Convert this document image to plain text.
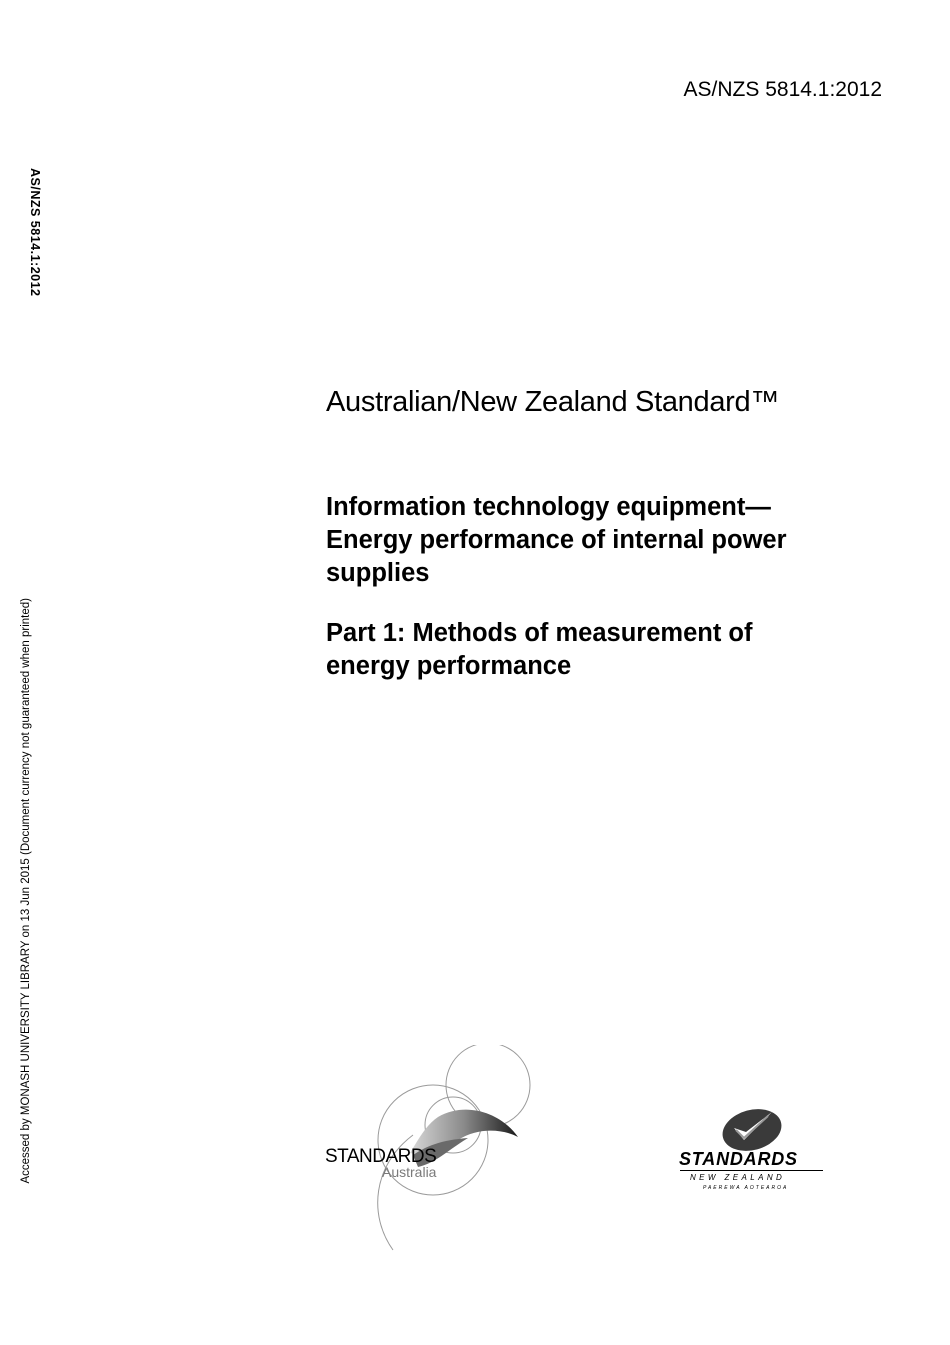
AS/NZS 5814.1:2012
AS/NZS 5814.1:2012
Accessed by MONASH UNIVERSITY LIBRARY on 13 Jun 2015 (Document currency not guaranteed when printed)
Australian/New Zealand Standard™
Information technology equipment—
Energy performance of internal power
supplies
Part 1: Methods of measurement of
energy performance
STANDARDS
Australia
STANDARDS
NEW ZEALAND
PAEREWA AOTEAROA
